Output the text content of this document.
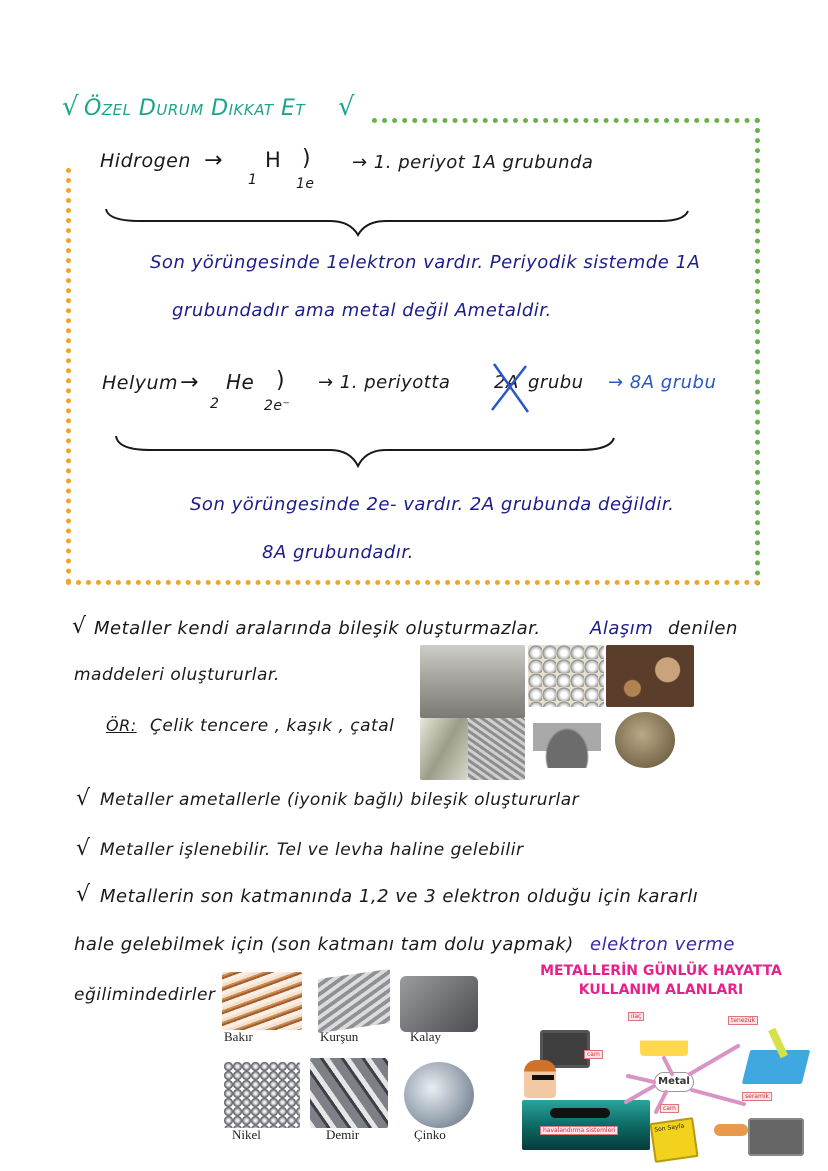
√ Özel Durum Dikkat Et √
Hidrogen → H
1
)
1e
→ 1. periyot 1A grubunda
Son yörüngesinde 1elektron vardır. Periyodik sistemde 1A
grubundadır ama metal değil Ametaldir.
Helyum → He
2
)
2e⁻
→ 1. periyotta 2A grubu → 8A grubu
Son yörüngesinde 2e- vardır. 2A grubunda değildir.
8A grubundadır.
√ Metaller kendi aralarında bileşik oluşturmazlar.	Alaşım denilen
maddeleri oluştururlar.
ÖR: Çelik tencere , kaşık , çatal
√ Metaller ametallerle (iyonik bağlı) bileşik oluştururlar
√ Metaller işlenebilir. Tel ve levha haline gelebilir
√ Metallerin son katmanında 1,2 ve 3 elektron olduğu için kararlı
hale gelebilmek için (son katmanı tam dolu yapmak) elektron verme
eğilimindedirler
Bakır	Kurşun	Kalay
Nikel	Demir	Çinko
METALLERİN GÜNLÜK HAYATTA
KULLANIM ALANLARI
havalandırma sistemleri
ilaç
tenezük
Metal
cam
cam
seramik
Son Sayfa
